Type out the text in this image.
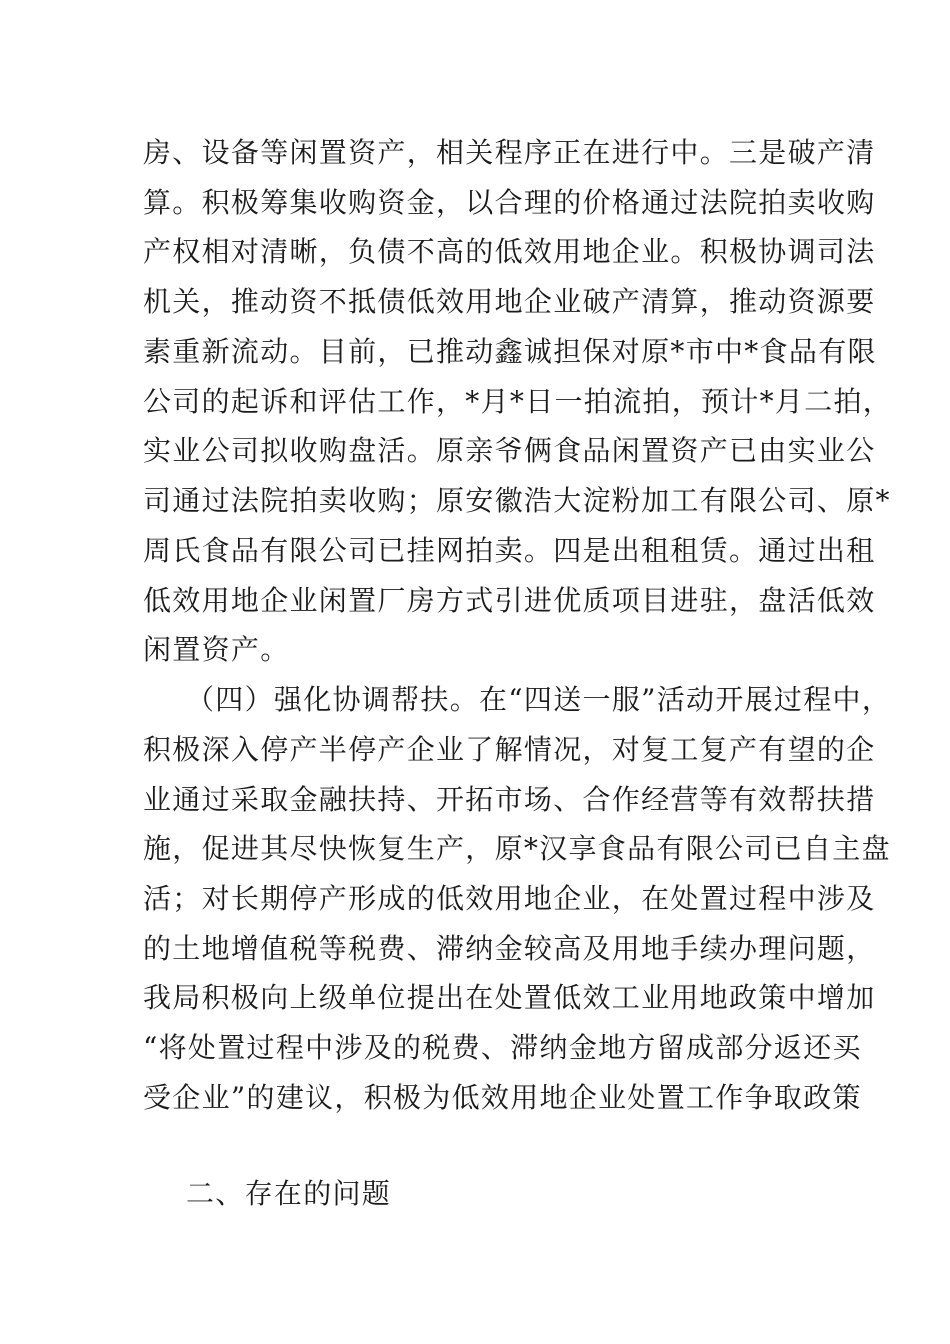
房、设备等闲置资产，相关程序正在进行中。三是破产清
算。积极筹集收购资金，以合理的价格通过法院拍卖收购
产权相对清晰，负债不高的低效用地企业。积极协调司法
机关，推动资不抵债低效用地企业破产清算，推动资源要
素重新流动。目前，已推动鑫诚担保对原*市中*食品有限
公司的起诉和评估工作，*月*日一拍流拍，预计*月二拍，
实业公司拟收购盘活。原亲爷俩食品闲置资产已由实业公
司通过法院拍卖收购；原安徽浩大淀粉加工有限公司、原*
周氏食品有限公司已挂网拍卖。四是出租租赁。通过出租
低效用地企业闲置厂房方式引进优质项目进驻，盘活低效
闲置资产。
（四）强化协调帮扶。在“四送一服”活动开展过程中，
积极深入停产半停产企业了解情况，对复工复产有望的企
业通过采取金融扶持、开拓市场、合作经营等有效帮扶措
施，促进其尽快恢复生产，原*汉享食品有限公司已自主盘
活；对长期停产形成的低效用地企业，在处置过程中涉及
的土地增值税等税费、滞纳金较高及用地手续办理问题，
我局积极向上级单位提出在处置低效工业用地政策中增加
“将处置过程中涉及的税费、滞纳金地方留成部分返还买
受企业”的建议，积极为低效用地企业处置工作争取政策
二、存在的问题
